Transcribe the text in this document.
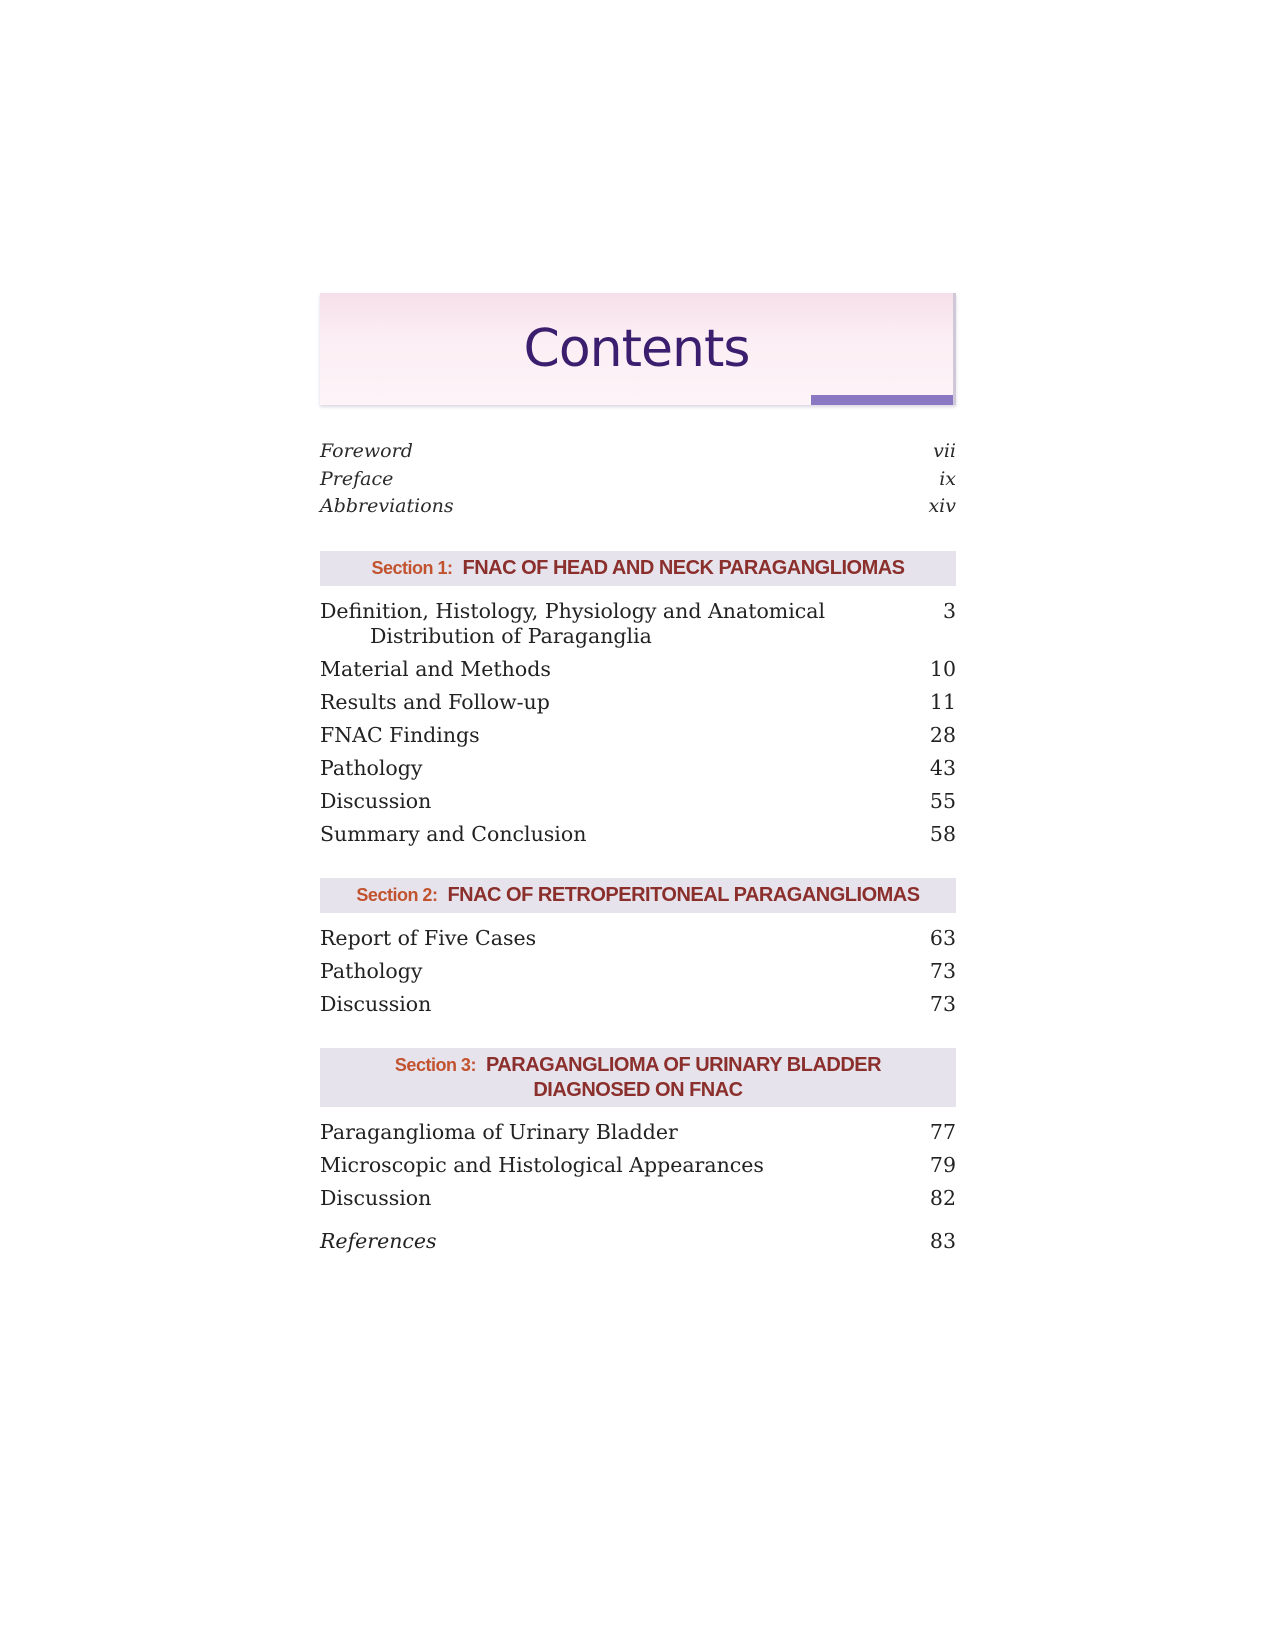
Contents
Foreword	vii
Preface	ix
Abbreviations	xiv
Section 1: FNAC OF HEAD AND NECK PARAGANGLIOMAS
Definition, Histology, Physiology and Anatomical
Distribution of Paraganglia
3
Material and Methods	10
Results and Follow-up	11
FNAC Findings	28
Pathology	43
Discussion	55
Summary and Conclusion	58
Section 2: FNAC OF RETROPERITONEAL PARAGANGLIOMAS
Report of Five Cases	63
Pathology	73
Discussion	73
Section 3: PARAGANGLIOMA OF URINARY BLADDER
DIAGNOSED ON FNAC
Paraganglioma of Urinary Bladder	77
Microscopic and Histological Appearances	79
Discussion	82
References	83
